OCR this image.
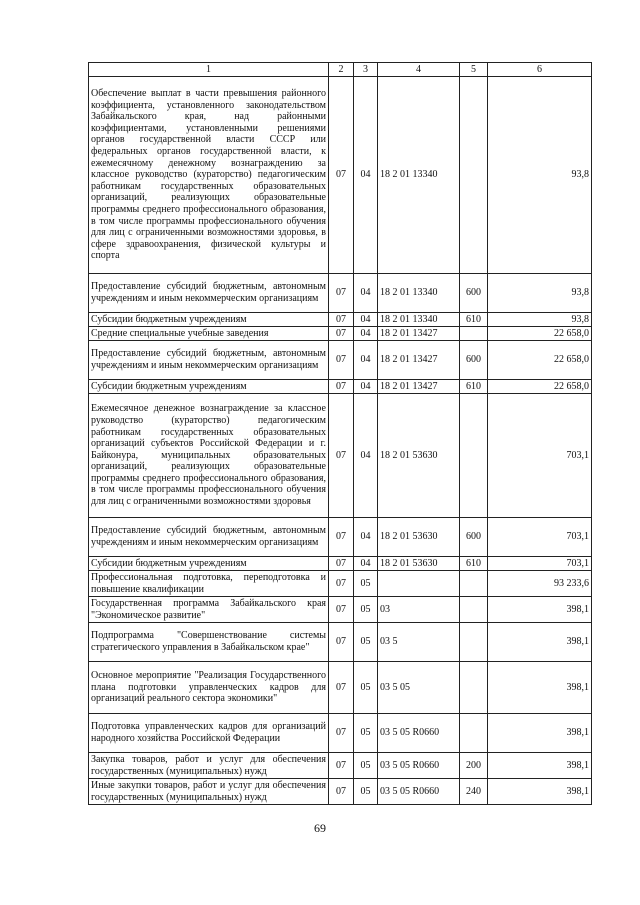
1	2	3	4	5	6
Обеспечение выплат в части превышения районного коэффициента, установленного законодательством Забайкальского края, над районными коэффициентами, установленными решениями органов государственной власти СССР или федеральных органов государственной власти, к ежемесячному денежному вознаграждению за классное руководство (кураторство) педагогическим работникам государственных образовательных организаций, реализующих образовательные программы среднего профессионального образования, в том числе программы профессионального обучения для лиц с ограниченными возможностями здоровья, в сфере здравоохранения, физической культуры и спорта	07	04	18 2 01 13340		93,8
Предоставление субсидий бюджетным, автономным учреждениям и иным некоммерческим организациям	07	04	18 2 01 13340	600	93,8
Субсидии бюджетным учреждениям	07	04	18 2 01 13340	610	93,8
Средние специальные учебные заведения	07	04	18 2 01 13427		22 658,0
Предоставление субсидий бюджетным, автономным учреждениям и иным некоммерческим организациям	07	04	18 2 01 13427	600	22 658,0
Субсидии бюджетным учреждениям	07	04	18 2 01 13427	610	22 658,0
Ежемесячное денежное вознаграждение за классное руководство (кураторство) педагогическим работникам государственных образовательных организаций субъектов Российской Федерации и г. Байконура, муниципальных образовательных организаций, реализующих образовательные программы среднего профессионального образования, в том числе программы профессионального обучения для лиц с ограниченными возможностями здоровья	07	04	18 2 01 53630		703,1
Предоставление субсидий бюджетным, автономным учреждениям и иным некоммерческим организациям	07	04	18 2 01 53630	600	703,1
Субсидии бюджетным учреждениям	07	04	18 2 01 53630	610	703,1
Профессиональная подготовка, переподготовка и повышение квалификации	07	05			93 233,6
Государственная программа Забайкальского края "Экономическое развитие"	07	05	03		398,1
Подпрограмма "Совершенствование системы стратегического управления в Забайкальском крае"	07	05	03 5		398,1
Основное мероприятие "Реализация Государственного плана подготовки управленческих кадров для организаций реального сектора экономики"	07	05	03 5 05		398,1
Подготовка управленческих кадров для организаций народного хозяйства Российской Федерации	07	05	03 5 05 R0660		398,1
Закупка товаров, работ и услуг для обеспечения государственных (муниципальных) нужд	07	05	03 5 05 R0660	200	398,1
Иные закупки товаров, работ и услуг для обеспечения государственных (муниципальных) нужд	07	05	03 5 05 R0660	240	398,1
69
